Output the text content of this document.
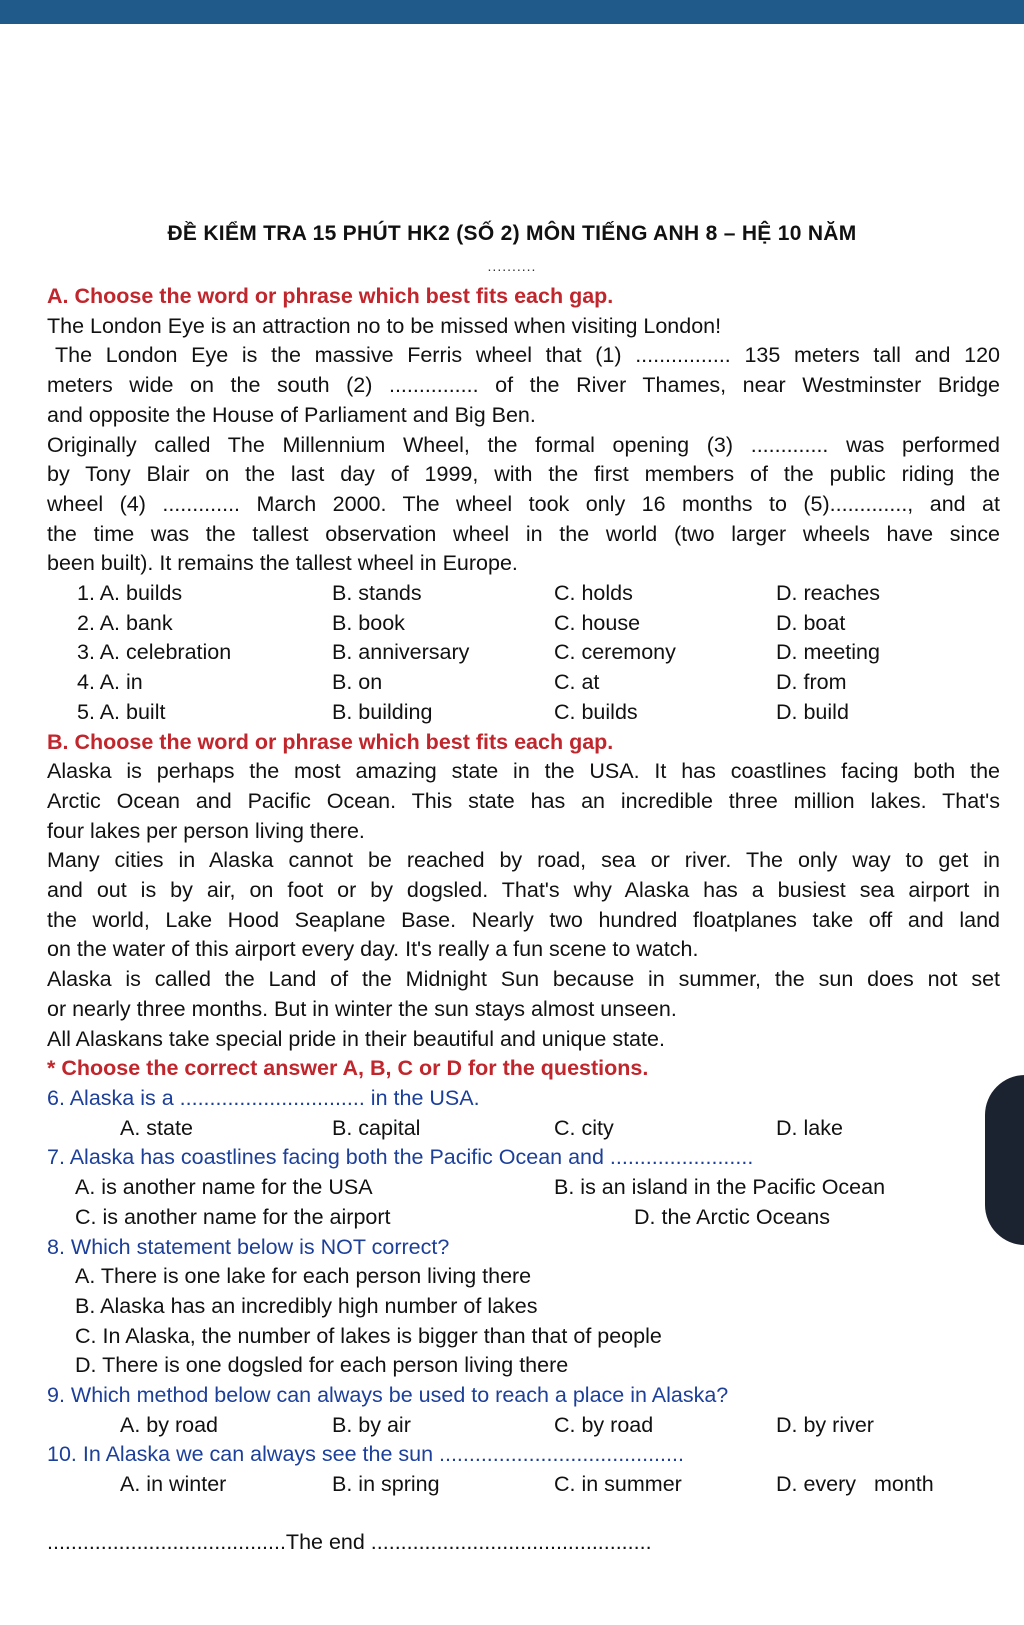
ĐỀ KIỂM TRA 15 PHÚT HK2 (SỐ 2) MÔN TIẾNG ANH 8 – HỆ 10 NĂM
..........

A. Choose the word or phrase which best fits each gap.

The London Eye is an attraction no to be missed when visiting London!

The London Eye is the massive Ferris wheel that (1) ................ 135 meters tall and 120

meters wide on the south (2) ............... of the River Thames, near Westminster Bridge

and opposite the House of Parliament and Big Ben.

Originally called The Millennium Wheel, the formal opening (3) ............. was performed

by Tony Blair on the last day of 1999, with the first members of the public riding the

wheel (4) ............. March 2000. The wheel took only 16 months to (5)............., and at

the time was the tallest observation wheel in the world (two larger wheels have since

been built). It remains the tallest wheel in Europe.

1. A. builds	B. stands	C. holds	D. reaches
2. A. bank	B. book	C. house	D. boat
3. A. celebration	B. anniversary	C. ceremony	D. meeting
4. A. in	B. on	C. at	D. from
5. A. built	B. building	C. builds	D. build

B. Choose the word or phrase which best fits each gap.

Alaska is perhaps the most amazing state in the USA. It has coastlines facing both the

Arctic Ocean and Pacific Ocean. This state has an incredible three million lakes. That's

four lakes per person living there.

Many cities in Alaska cannot be reached by road, sea or river. The only way to get in

and out is by air, on foot or by dogsled. That's why Alaska has a busiest sea airport in

the world, Lake Hood Seaplane Base. Nearly two hundred floatplanes take off and land

on the water of this airport every day. It's really a fun scene to watch.

Alaska is called the Land of the Midnight Sun because in summer, the sun does not set

or nearly three months. But in winter the sun stays almost unseen.

All Alaskans take special pride in their beautiful and unique state.

* Choose the correct answer A, B, C or D for the questions.

6. Alaska is a ............................... in the USA.

A. state	B. capital	C. city	D. lake

7. Alaska has coastlines facing both the Pacific Ocean and ........................

A. is another name for the USA	B. is an island in the Pacific Ocean
C. is another name for the airport	D. the Arctic Oceans

8. Which statement below is NOT correct?

A. There is one lake for each person living there

B. Alaska has an incredibly high number of lakes

C. In Alaska, the number of lakes is bigger than that of people

D. There is one dogsled for each person living there

9. Which method below can always be used to reach a place in Alaska?

A. by road	B. by air	C. by road	D. by river

10. In Alaska we can always see the sun .........................................

A. in winter	B. in spring	C. in summer	D. every   month
........................................The end ...............................................
